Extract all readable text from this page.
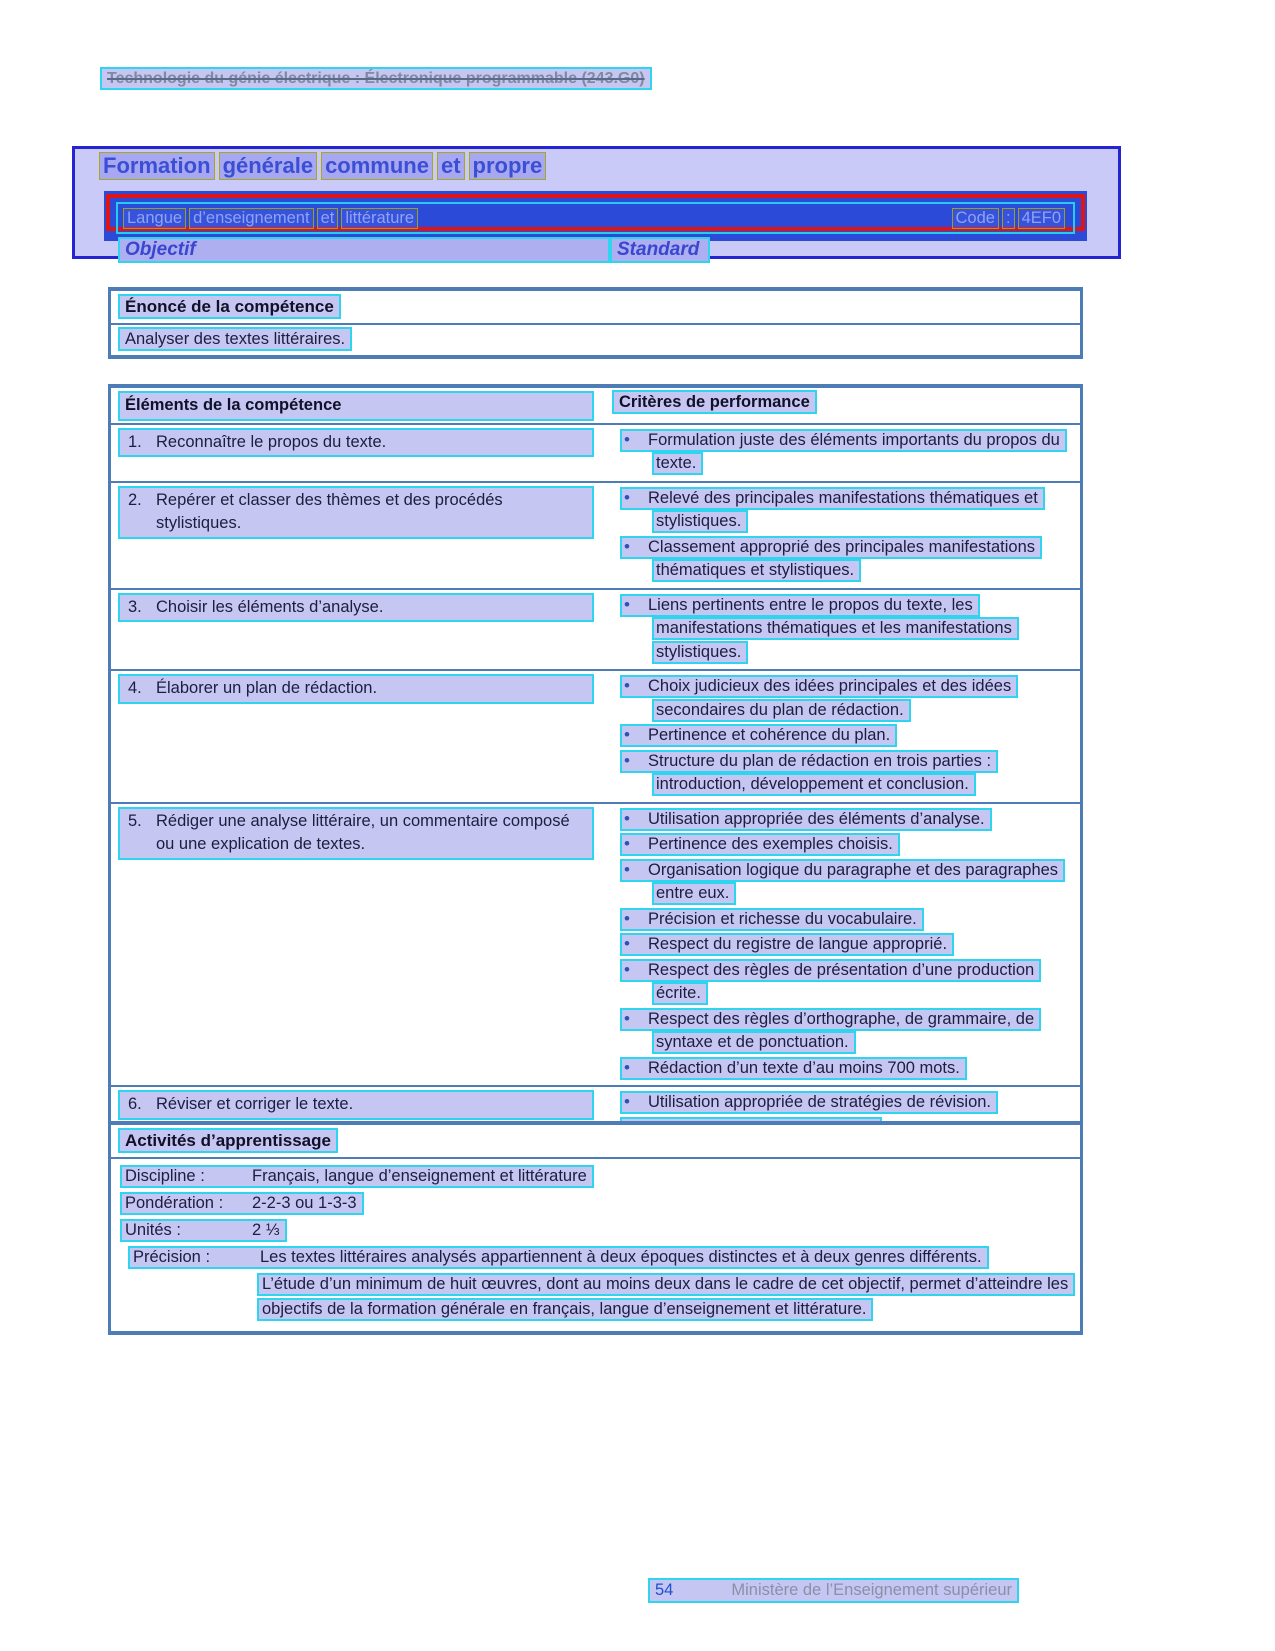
Technologie du génie électrique : Électronique programmable (243.G0)
Formation générale commune et propre
Langue d’enseignement et littérature	Code : 4EF0
Objectif	Standard
Énoncé de la compétence
Analyser des textes littéraires.
Éléments de la compétence	Critères de performance
1. Reconnaître le propos du texte.	• Formulation juste des éléments importants du propos du texte.
2. Repérer et classer des thèmes et des procédés stylistiques.
• Relevé des principales manifestations thématiques et stylistiques.
• Classement approprié des principales manifestations thématiques et stylistiques.
3. Choisir les éléments d’analyse.	• Liens pertinents entre le propos du texte, les manifestations thématiques et les manifestations stylistiques.
4. Élaborer un plan de rédaction.	• Choix judicieux des idées principales et des idées secondaires du plan de rédaction.
• Pertinence et cohérence du plan.
• Structure du plan de rédaction en trois parties : introduction, développement et conclusion.
5. Rédiger une analyse littéraire, un commentaire composé ou une explication de textes.
• Utilisation appropriée des éléments d’analyse.
• Pertinence des exemples choisis.
• Organisation logique du paragraphe et des paragraphes entre eux.
• Précision et richesse du vocabulaire.
• Respect du registre de langue approprié.
• Respect des règles de présentation d’une production écrite.
• Respect des règles d’orthographe, de grammaire, de syntaxe et de ponctuation.
• Rédaction d’un texte d’au moins 700 mots.
6. Réviser et corriger le texte.	• Utilisation appropriée de stratégies de révision.
Activités d’apprentissage
Discipline :	Français, langue d’enseignement et littérature
Pondération : 2-2-3 ou 1-3-3
Unités :	2 ⅓
Précision :	Les textes littéraires analysés appartiennent à deux époques distinctes et à deux genres différents.
L’étude d’un minimum de huit œuvres, dont au moins deux dans le cadre de cet objectif, permet d’atteindre les objectifs de la formation générale en français, langue d’enseignement et littérature.
54	Ministère de l’Enseignement supérieur
